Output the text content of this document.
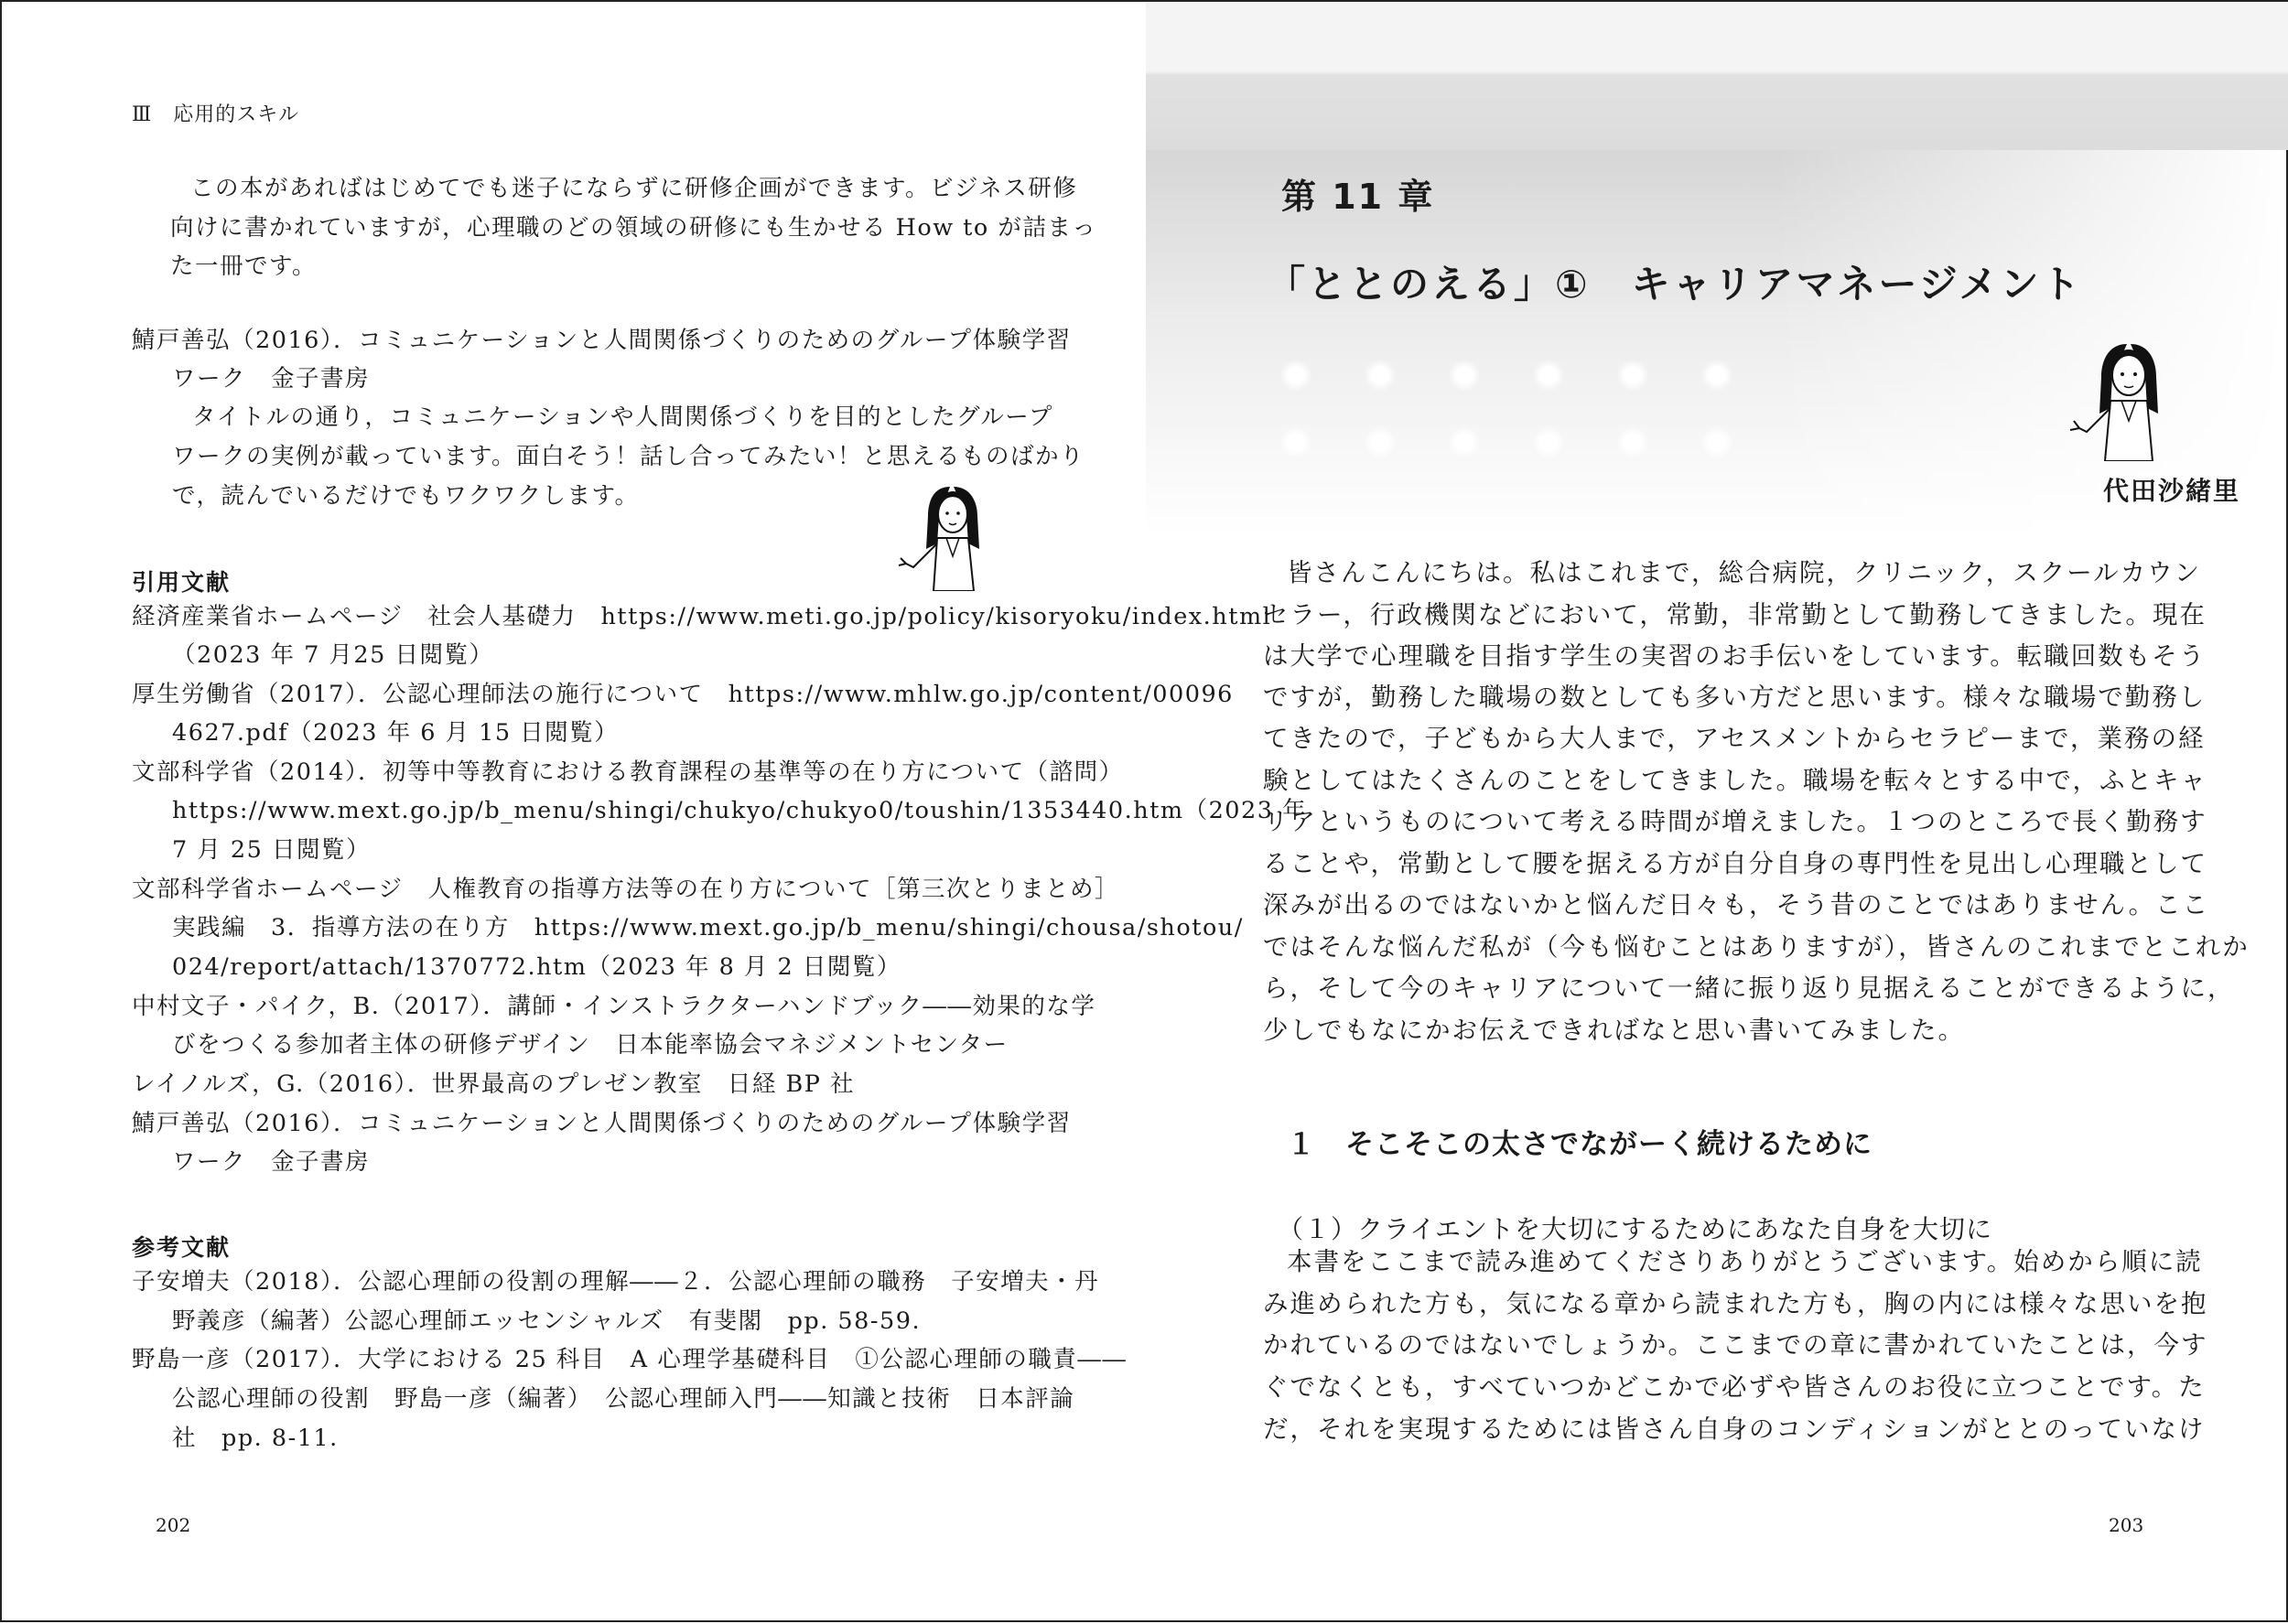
Ⅲ　応用的スキル
この本があればはじめてでも迷子にならずに研修企画ができます。ビジネス研修
向けに書かれていますが，心理職のどの領域の研修にも生かせる How to が詰まっ
た一冊です。
鯖戸善弘（2016）．コミュニケーションと人間関係づくりのためのグループ体験学習
ワーク　金子書房
タイトルの通り，コミュニケーションや人間関係づくりを目的としたグループ
ワークの実例が載っています。面白そう！話し合ってみたい！と思えるものばかり
で，読んでいるだけでもワクワクします。
引用文献
経済産業省ホームページ　社会人基礎力　https://www.meti.go.jp/policy/kisoryoku/index.html
（2023 年 7 月25 日閲覧）
厚生労働省（2017）．公認心理師法の施行について　https://www.mhlw.go.jp/content/00096
4627.pdf（2023 年 6 月 15 日閲覧）
文部科学省（2014）．初等中等教育における教育課程の基準等の在り方について（諮問）
https://www.mext.go.jp/b_menu/shingi/chukyo/chukyo0/toushin/1353440.htm（2023 年
7 月 25 日閲覧）
文部科学省ホームページ　人権教育の指導方法等の在り方について［第三次とりまとめ］
実践編　3．指導方法の在り方　https://www.mext.go.jp/b_menu/shingi/chousa/shotou/
024/report/attach/1370772.htm（2023 年 8 月 2 日閲覧）
中村文子・パイク，B.（2017）．講師・インストラクターハンドブック――効果的な学
びをつくる参加者主体の研修デザイン　日本能率協会マネジメントセンター
レイノルズ，G.（2016）．世界最高のプレゼン教室　日経 BP 社
鯖戸善弘（2016）．コミュニケーションと人間関係づくりのためのグループ体験学習
ワーク　金子書房
参考文献
子安増夫（2018）．公認心理師の役割の理解――２．公認心理師の職務　子安増夫・丹
野義彦（編著）公認心理師エッセンシャルズ　有斐閣　pp. 58-59.
野島一彦（2017）．大学における 25 科目　A 心理学基礎科目　①公認心理師の職責――
公認心理師の役割　野島一彦（編著）　公認心理師入門――知識と技術　日本評論
社　pp. 8-11.
202
第 11 章
「ととのえる」①　キャリアマネージメント
代田沙緒里
皆さんこんにちは。私はこれまで，総合病院，クリニック，スクールカウン
セラー，行政機関などにおいて，常勤，非常勤として勤務してきました。現在
は大学で心理職を目指す学生の実習のお手伝いをしています。転職回数もそう
ですが，勤務した職場の数としても多い方だと思います。様々な職場で勤務し
てきたので，子どもから大人まで，アセスメントからセラピーまで，業務の経
験としてはたくさんのことをしてきました。職場を転々とする中で，ふとキャ
リアというものについて考える時間が増えました。１つのところで長く勤務す
ることや，常勤として腰を据える方が自分自身の専門性を見出し心理職として
深みが出るのではないかと悩んだ日々も，そう昔のことではありません。ここ
ではそんな悩んだ私が（今も悩むことはありますが），皆さんのこれまでとこれか
ら，そして今のキャリアについて一緒に振り返り見据えることができるように，
少しでもなにかお伝えできればなと思い書いてみました。
１　そこそこの太さでながーく続けるために
（１）クライエントを大切にするためにあなた自身を大切に
本書をここまで読み進めてくださりありがとうございます。始めから順に読
み進められた方も，気になる章から読まれた方も，胸の内には様々な思いを抱
かれているのではないでしょうか。ここまでの章に書かれていたことは，今す
ぐでなくとも，すべていつかどこかで必ずや皆さんのお役に立つことです。た
だ，それを実現するためには皆さん自身のコンディションがととのっていなけ
203
